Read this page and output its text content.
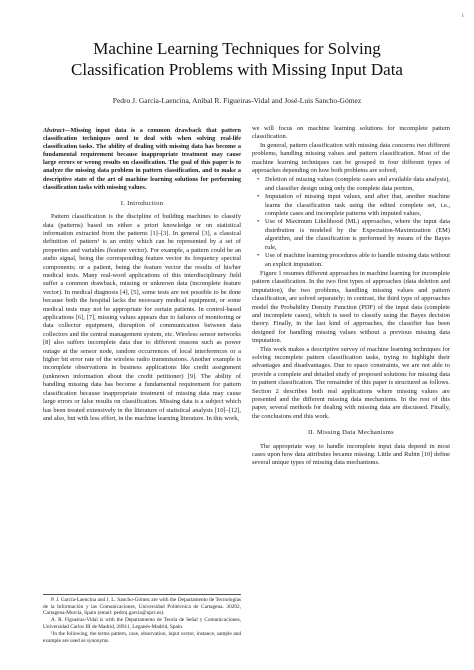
1
Machine Learning Techniques for Solving
Classification Problems with Missing Input Data
Pedro J. García-Laencina, Aníbal R. Figueiras-Vidal and José-Luis Sancho-Gómez

Abstract—Missing input data is a common drawback that pattern classification techniques need to deal with when solving real-life classification tasks. The ability of dealing with missing data has become a fundamental requirement because inappropriate treatment may cause large errors or wrong results on classification. The goal of this paper is to analyze the missing data problem in pattern classification, and to make a descriptive state of the art of machine learning solutions for performing classification tasks with missing values.

I. Introduction

Pattern classification is the discipline of building machines to classify data (patterns) based on either a priori knowledge or on statistical information extracted from the patterns [1]–[3]. In general [3], a classical definition of pattern¹ is an entity which can be represented by a set of properties and variables (feature vector). For example, a pattern could be an audio signal, being the corresponding feature vector its frequency spectral components; or a patient, being the feature vector the results of his/her medical tests. Many real-word applications of this interdisciplinary field suffer a common drawback, missing or unknown data (incomplete feature vector). In medical diagnosis [4], [5], some tests are not possible to be done because both the hospital lacks the necessary medical equipment, or some medical tests may not be appropriate for certain patients. In control-based applications [6], [7], missing values appears due to failures of monitoring or data collector equipment, disruption of communication between data collectors and the central management system, etc. Wireless sensor networks [8] also suffers incomplete data due to different reasons such as power outage at the sensor node, random occurrences of local interferences or a higher bit error rate of the wireless radio transmissions. Another example is incomplete observations in business applications like credit assignment (unknown information about the credit petitioner) [9]. The ability of handling missing data has become a fundamental requirement for pattern classification because inappropriate treatment of missing data may cause large errors or false results on classification. Missing data is a subject which has been treated extensively in the literature of statistical analysis [10]–[12], and also, but with less effort, in the machine learning literature. In this work,

P. J. García-Laencina and J. L. Sancho-Gómez are with the Departamento de Tecnologías de la Información y las Comunicaciones, Universidad Politécnica de Cartagena. 30202, Cartagena-Murcia, Spain (email: pedroj.garcia@upct.es).

A. R. Figueiras-Vidal is with the Departamento de Teoría de Señal y Comunicaciones, Universidad Carlos III de Madrid, 28911, Leganés-Madrid, Spain.

¹In the following, the terms pattern, case, observation, input vector, instance, sample and example are used as synonyms.

we will focus on machine learning solutions for incomplete pattern classification.

In general, pattern classification with missing data concerns two different problems, handling missing values and pattern classification. Most of the machine learning techniques can be grouped in four different types of approaches depending on how both problems are solved,

• Deletion of missing values (complete cases and available data analysis), and classifier design using only the complete data portion,
• Imputation of missing input values, and after that, another machine learns the classification task using the edited complete set, i.e., complete cases and incomplete patterns with imputed values,
• Use of Maximum Likelihood (ML) approaches, where the input data distribution is modeled by the Expectation-Maximization (EM) algorithm, and the classification is performed by means of the Bayes rule,
• Use of machine learning procedures able to handle missing data without an explicit imputation.

Figure 1 resumes different approaches in machine learning for incomplete pattern classification. In the two first types of approaches (data deletion and imputation), the two problems, handling missing values and pattern classification, are solved separately; in contrast, the third type of approaches model the Probability Density Function (PDF) of the input data (complete and incomplete cases), which is used to classify using the Bayes decision theory. Finally, in the last kind of approaches, the classifier has been designed for handling missing values without a previous missing data imputation.

This work makes a descriptive survey of machine learning techniques for solving incomplete pattern classification tasks, trying to highlight their advantages and disadvantages. Due to space constraints, we are not able to provide a complete and detailed study of proposed solutions for missing data in pattern classification. The remainder of this paper is structured as follows. Section 2 describes both real applications where missing values are presented and the different missing data mechanisms. In the rest of this paper, several methods for dealing with missing data are discussed. Finally, the conclusions end this work.

II. Missing Data Mechanisms

The appropriate way to handle incomplete input data depend in most cases upon how data attributes became missing. Little and Rubin [10] define several unique types of missing data mechanisms.
